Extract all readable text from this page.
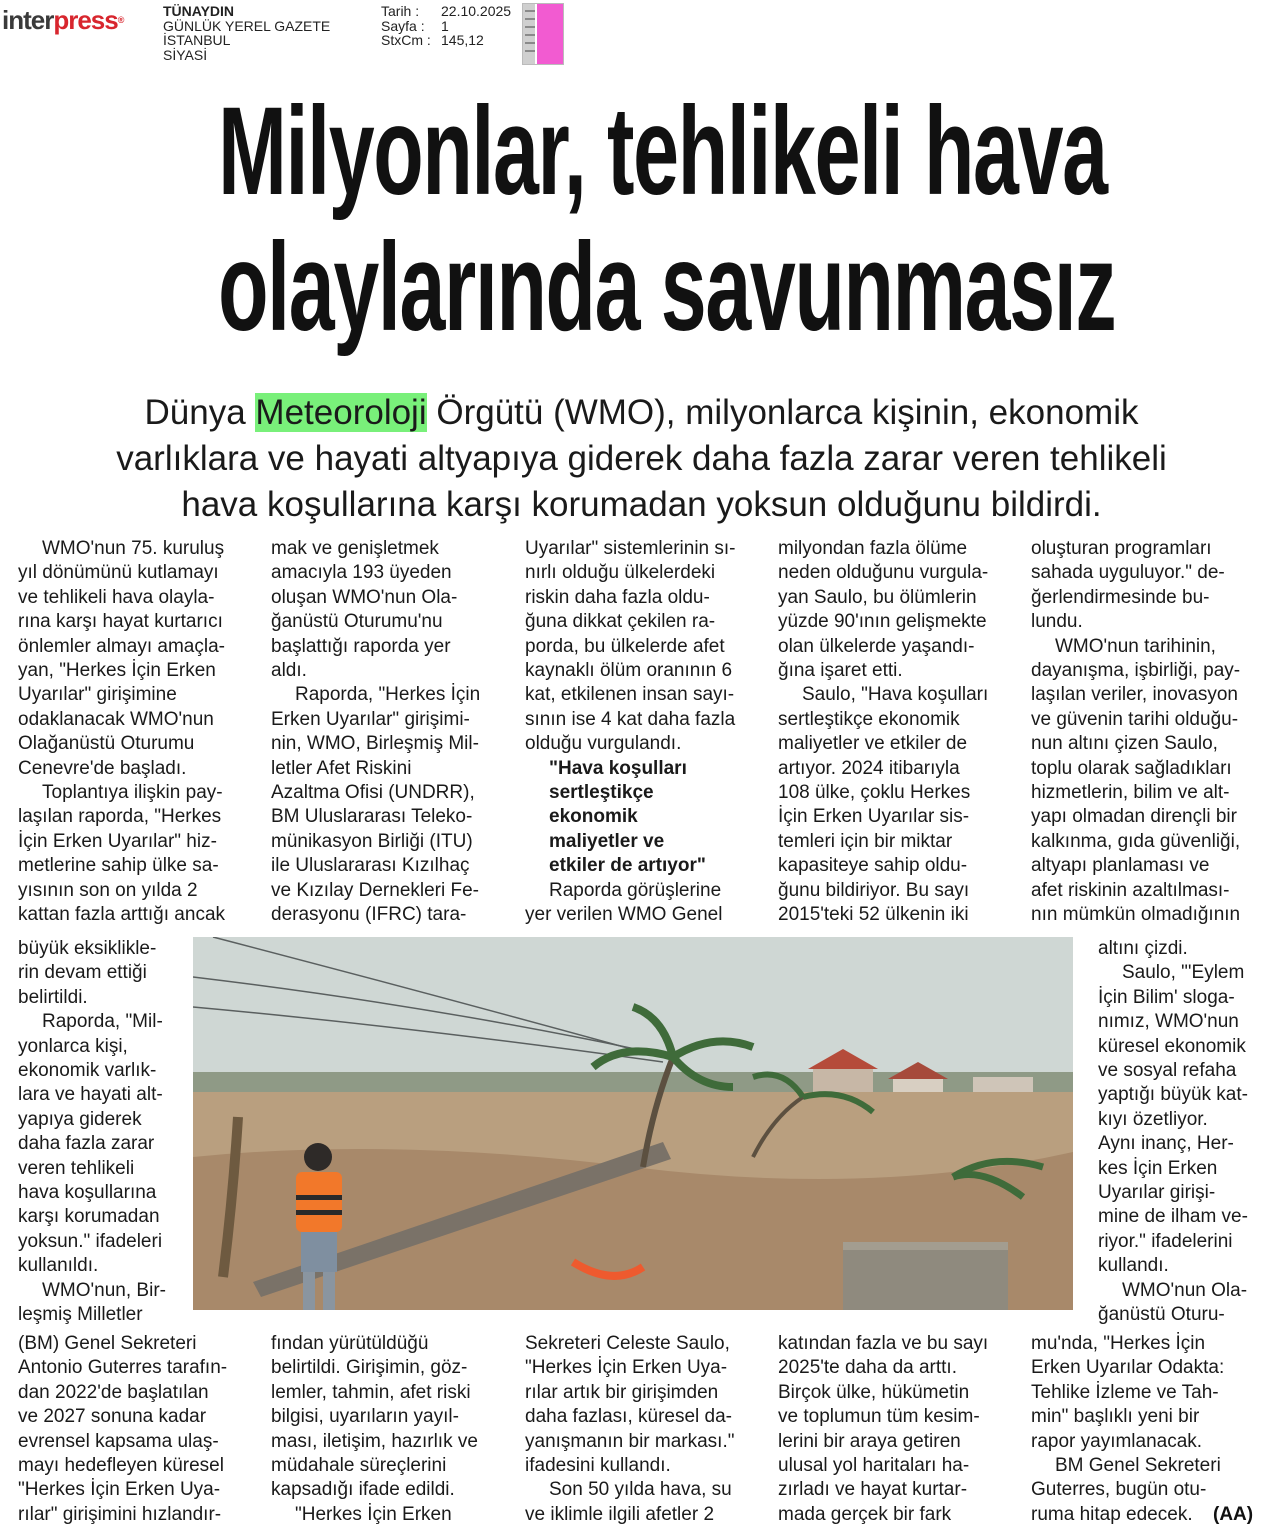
interpress®
TÜNAYDIN
GÜNLÜK YEREL GAZETE
İSTANBUL
SİYASİ
Tarih :	22.10.2025
Sayfa :	1
StxCm : 145,12
Milyonlar, tehlikeli hava
olaylarında savunmasız
Dünya Meteoroloji Örgütü (WMO), milyonlarca kişinin, ekonomik
varlıklara ve hayati altyapıya giderek daha fazla zarar veren tehlikeli
hava koşullarına karşı korumadan yoksun olduğunu bildirdi.
WMO'nun 75. kuruluş
yıl dönümünü kutlamayı
ve tehlikeli hava olayla-
rına karşı hayat kurtarıcı
önlemler almayı amaçla-
yan, "Herkes İçin Erken
Uyarılar" girişimine
odaklanacak WMO'nun
Olağanüstü Oturumu
Cenevre'de başladı.
Toplantıya ilişkin pay-
laşılan raporda, "Herkes
İçin Erken Uyarılar" hiz-
metlerine sahip ülke sa-
yısının son on yılda 2
kattan fazla arttığı ancak
büyük eksiklikle-
rin devam ettiği
belirtildi.
Raporda, "Mil-
yonlarca kişi,
ekonomik varlık-
lara ve hayati alt-
yapıya giderek
daha fazla zarar
veren tehlikeli
hava koşullarına
karşı korumadan
yoksun." ifadeleri
kullanıldı.
WMO'nun, Bir-
leşmiş Milletler
(BM) Genel Sekreteri
Antonio Guterres tarafın-
dan 2022'de başlatılan
ve 2027 sonuna kadar
evrensel kapsama ulaş-
mayı hedefleyen küresel
"Herkes İçin Erken Uya-
rılar" girişimini hızlandır-
mak ve genişletmek
amacıyla 193 üyeden
oluşan WMO'nun Ola-
ğanüstü Oturumu'nu
başlattığı raporda yer
aldı.
Raporda, "Herkes İçin
Erken Uyarılar" girişimi-
nin, WMO, Birleşmiş Mil-
letler Afet Riskini
Azaltma Ofisi (UNDRR),
BM Uluslararası Teleko-
münikasyon Birliği (ITU)
ile Uluslararası Kızılhaç
ve Kızılay Dernekleri Fe-
derasyonu (IFRC) tara-
fından yürütüldüğü
belirtildi. Girişimin, göz-
lemler, tahmin, afet riski
bilgisi, uyarıların yayıl-
ması, iletişim, hazırlık ve
müdahale süreçlerini
kapsadığı ifade edildi.
"Herkes İçin Erken
Uyarılar" sistemlerinin sı-
nırlı olduğu ülkelerdeki
riskin daha fazla oldu-
ğuna dikkat çekilen ra-
porda, bu ülkelerde afet
kaynaklı ölüm oranının 6
kat, etkilenen insan sayı-
sının ise 4 kat daha fazla
olduğu vurgulandı.
"Hava koşulları
sertleştikçe
ekonomik
maliyetler ve
etkiler de artıyor"
Raporda görüşlerine
yer verilen WMO Genel
Sekreteri Celeste Saulo,
"Herkes İçin Erken Uya-
rılar artık bir girişimden
daha fazlası, küresel da-
yanışmanın bir markası."
ifadesini kullandı.
Son 50 yılda hava, su
ve iklimle ilgili afetler 2
milyondan fazla ölüme
neden olduğunu vurgula-
yan Saulo, bu ölümlerin
yüzde 90'ının gelişmekte
olan ülkelerde yaşandı-
ğına işaret etti.
Saulo, "Hava koşulları
sertleştikçe ekonomik
maliyetler ve etkiler de
artıyor. 2024 itibarıyla
108 ülke, çoklu Herkes
İçin Erken Uyarılar sis-
temleri için bir miktar
kapasiteye sahip oldu-
ğunu bildiriyor. Bu sayı
2015'teki 52 ülkenin iki
katından fazla ve bu sayı
2025'te daha da arttı.
Birçok ülke, hükümetin
ve toplumun tüm kesim-
lerini bir araya getiren
ulusal yol haritaları ha-
zırladı ve hayat kurtar-
mada gerçek bir fark
oluşturan programları
sahada uyguluyor." de-
ğerlendirmesinde bu-
lundu.
WMO'nun tarihinin,
dayanışma, işbirliği, pay-
laşılan veriler, inovasyon
ve güvenin tarihi olduğu-
nun altını çizen Saulo,
toplu olarak sağladıkları
hizmetlerin, bilim ve alt-
yapı olmadan dirençli bir
kalkınma, gıda güvenliği,
altyapı planlaması ve
afet riskinin azaltılması-
nın mümkün olmadığının
altını çizdi.
Saulo, "'Eylem
İçin Bilim' sloga-
nımız, WMO'nun
küresel ekonomik
ve sosyal refaha
yaptığı büyük kat-
kıyı özetliyor.
Aynı inanç, Her-
kes İçin Erken
Uyarılar girişi-
mine de ilham ve-
riyor." ifadelerini
kullandı.
WMO'nun Ola-
ğanüstü Oturu-
mu'nda, "Herkes İçin
Erken Uyarılar Odakta:
Tehlike İzleme ve Tah-
min" başlıklı yeni bir
rapor yayımlanacak.
BM Genel Sekreteri
Guterres, bugün otu-
ruma hitap edecek.	(AA)
